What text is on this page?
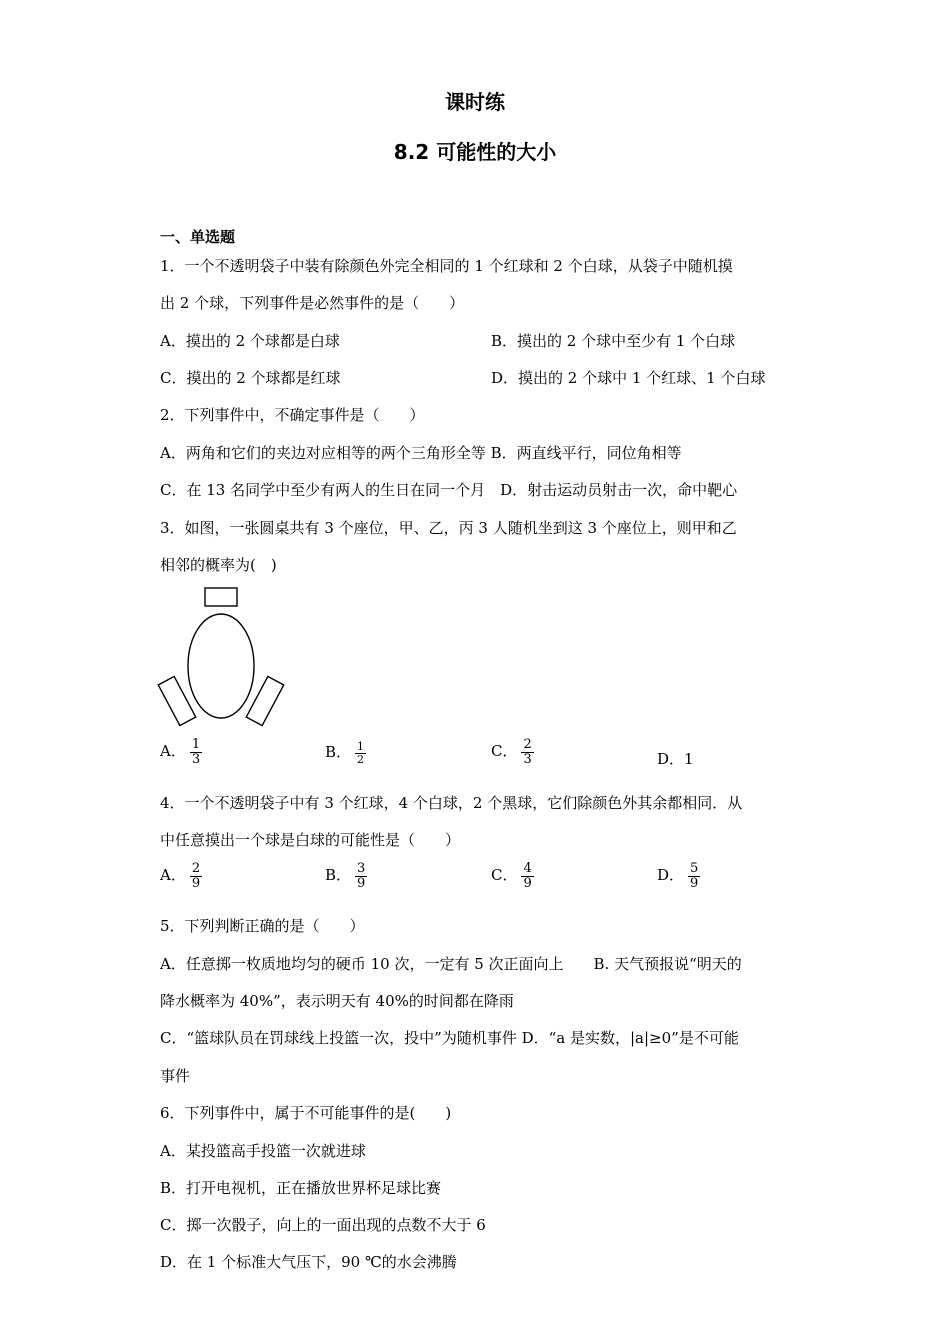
课时练
8.2 可能性的大小
一、单选题
1．一个不透明袋子中装有除颜色外完全相同的 1 个红球和 2 个白球，从袋子中随机摸
出 2 个球，下列事件是必然事件的是（　　）
A．摸出的 2 个球都是白球	B．摸出的 2 个球中至少有 1 个白球
C．摸出的 2 个球都是红球	D．摸出的 2 个球中 1 个红球、1 个白球
2．下列事件中，不确定事件是（　　）
A．两角和它们的夹边对应相等的两个三角形全等 B．两直线平行，同位角相等
C．在 13 名同学中至少有两人的生日在同一个月　D．射击运动员射击一次，命中靶心
3．如图，一张圆桌共有 3 个座位，甲、乙，丙 3 人随机坐到这 3 个座位上，则甲和乙
相邻的概率为(　)
A． $\frac{1}{3}$	B． $\frac{1}{2}$	C． $\frac{2}{3}$	D．1
4．一个不透明袋子中有 3 个红球，4 个白球，2 个黑球，它们除颜色外其余都相同．从
中任意摸出一个球是白球的可能性是（　　）
A． $\frac{2}{9}$	B． $\frac{3}{9}$	C． $\frac{4}{9}$	D． $\frac{5}{9}$
5．下列判断正确的是（　　）
A．任意掷一枚质地均匀的硬币 10 次，一定有 5 次正面向上　　B. 天气预报说“明天的
降水概率为 40%”，表示明天有 40%的时间都在降雨
C．“篮球队员在罚球线上投篮一次，投中”为随机事件 D．“a 是实数，|a|≥0”是不可能
事件
6．下列事件中，属于不可能事件的是(　　)
A．某投篮高手投篮一次就进球
B．打开电视机，正在播放世界杯足球比赛
C．掷一次骰子，向上的一面出现的点数不大于 6
D．在 1 个标准大气压下，90 ℃的水会沸腾
